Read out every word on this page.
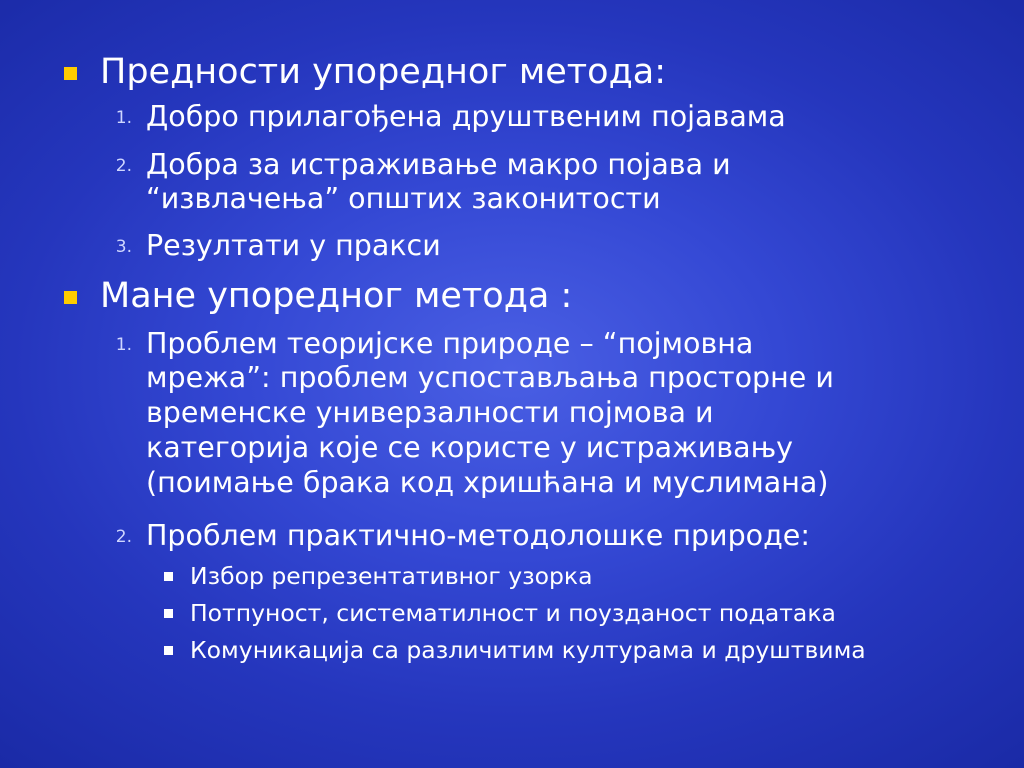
Предности упоредног метода:
1. Добро прилагођена друштвеним појавама
2. Добра за истраживање макро појава и
“извлачења” општих законитости
3. Резултати у пракси
Мане упоредног метода :
1. Проблем теоријске природе – “појмовна
мрежа”: проблем успостављања просторне и
временске универзалности појмова и
категорија које се користе у истраживању
(поимање брака код хришћана и муслимана)
2. Проблем практично-методолошке природе:
Избор репрезентативног узорка
Потпуност, систематилност и поузданост података
Комуникација са различитим културама и друштвима
